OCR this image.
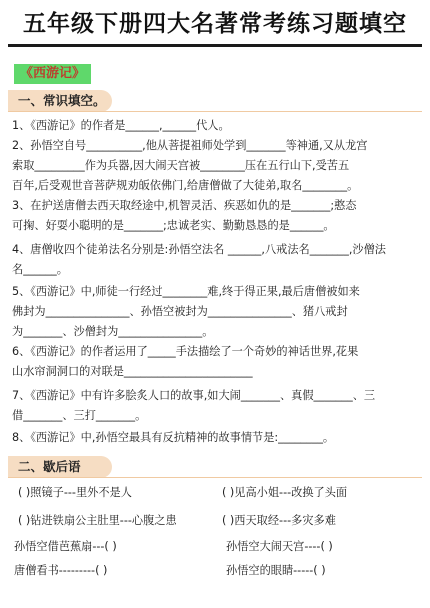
五年级下册四大名著常考练习题填空
《西游记》
一、常识填空。
1、《西游记》的作者是______,______代人。
2、孙悟空自号__________,他从菩提祖师处学到_______等神通,又从龙宫
索取_________作为兵器,因大闹天宫被________压在五行山下,受苦五
百年,后受观世音菩萨规劝皈依佛门,给唐僧做了大徒弟,取名________。
3、在护送唐僧去西天取经途中,机智灵活、疾恶如仇的是_______;憨态
可掬、好耍小聪明的是_______;忠诚老实、勤勤恳恳的是______。
4、唐僧收四个徒弟法名分别是:孙悟空法名 ______,八戒法名_______,沙僧法
名______。
5、《西游记》中,师徒一行经过________难,终于得正果,最后唐僧被如来
佛封为_______________、孙悟空被封为_______________、猪八戒封
为_______、沙僧封为_______________。
6、《西游记》的作者运用了_____手法描绘了一个奇妙的神话世界,花果
山水帘洞洞口的对联是_______________________
7、《西游记》中有许多脍炙人口的故事,如大闹_______、真假_______、三
借_______、三打_______。
8、《西游记》中,孙悟空最具有反抗精神的故事情节是:________。
二、歇后语
( )照镜子---里外不是人	( )见高小姐---改换了头面
( )钻进铁扇公主肚里---心腹之患	( )西天取经---多灾多难
孙悟空借芭蕉扇---( )	孙悟空大闹天宫----( )
唐僧看书---------( )	孙悟空的眼睛-----( )
